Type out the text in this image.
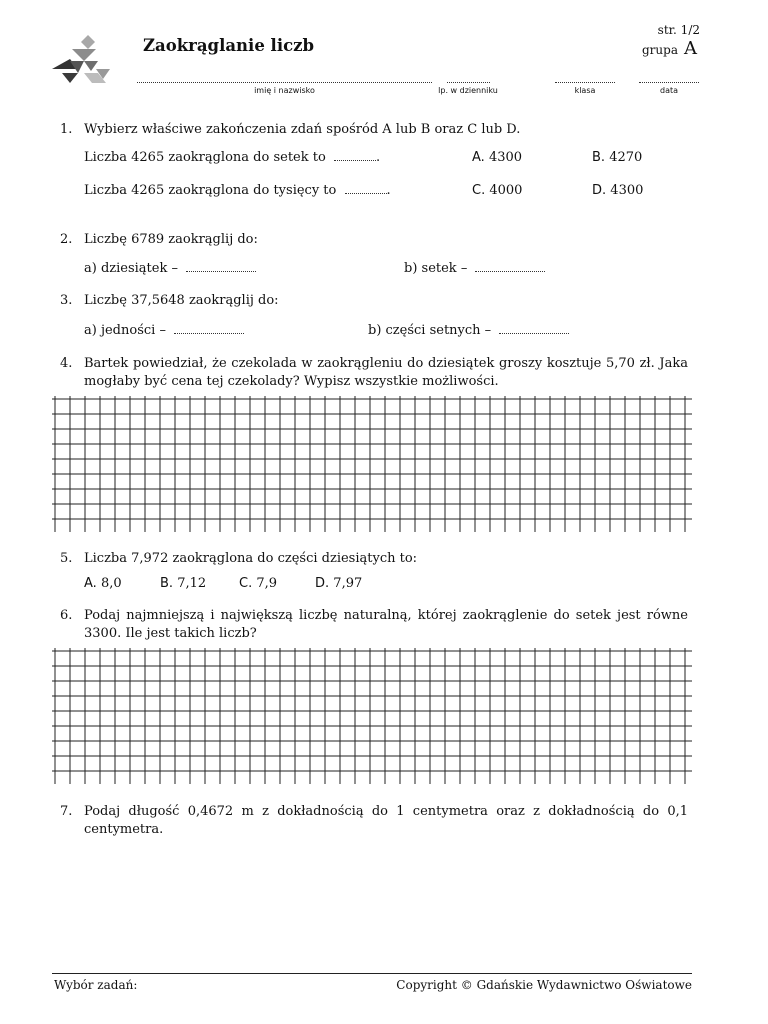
Zaokrąglanie liczb
str. 1/2
grupa A
imię i nazwisko	lp. w dzienniku	klasa	data
1. Wybierz właściwe zakończenia zdań spośród A lub B oraz C lub D.
Liczba 4265 zaokrąglona do setek to	.
Liczba 4265 zaokrąglona do tysięcy to	.
A. 4300	B. 4270
C. 4000	D. 4300
2. Liczbę 6789 zaokrąglij do:
a) dziesiątek –	b) setek –
3. Liczbę 37,5648 zaokrąglij do:
a) jedności –	b) części setnych –
4. Bartek powiedział, że czekolada w zaokrągleniu do dziesiątek groszy kosztuje 5,70 zł. Jaka mogłaby być cena tej czekolady? Wypisz wszystkie możliwości.
5. Liczba 7,972 zaokrąglona do części dziesiątych to:
A. 8,0	B. 7,12	C. 7,9	D. 7,97
6. Podaj najmniejszą i największą liczbę naturalną, której zaokrąglenie do setek jest równe 3300. Ile jest takich liczb?
7. Podaj długość 0,4672 m z dokładnością do 1 centymetra oraz z dokładnością do 0,1 centymetra.
Wybór zadań:	Copyright © Gdańskie Wydawnictwo Oświatowe
